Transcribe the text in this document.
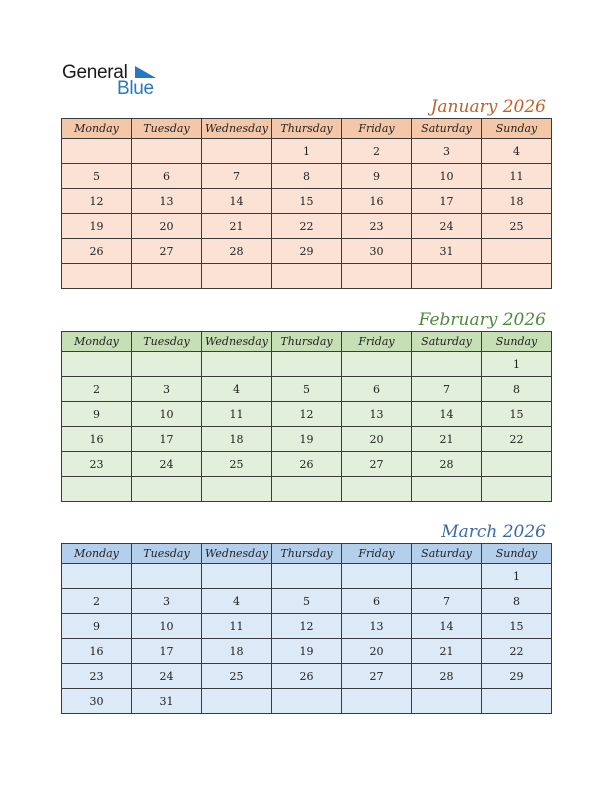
General
Blue
January 2026
Monday	Tuesday	Wednesday	Thursday	Friday	Saturday	Sunday
			1	2	3	4
5	6	7	8	9	10	11
12	13	14	15	16	17	18
19	20	21	22	23	24	25
26	27	28	29	30	31	

February 2026
Monday	Tuesday	Wednesday	Thursday	Friday	Saturday	Sunday
						1
2	3	4	5	6	7	8
9	10	11	12	13	14	15
16	17	18	19	20	21	22
23	24	25	26	27	28	

March 2026
Monday	Tuesday	Wednesday	Thursday	Friday	Saturday	Sunday
						1
2	3	4	5	6	7	8
9	10	11	12	13	14	15
16	17	18	19	20	21	22
23	24	25	26	27	28	29
30	31					
